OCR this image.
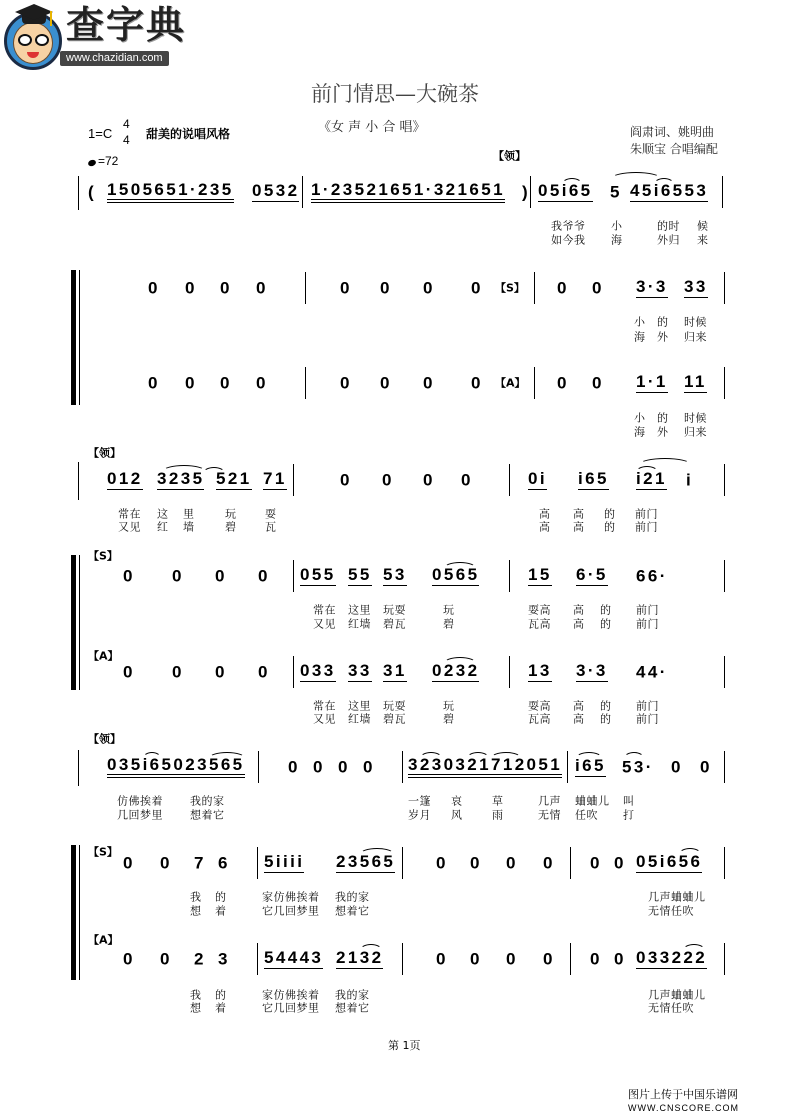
查字典
www.chazidian.com
前门情思—大碗茶
《女 声 小 合 唱》
1=C
4
4 甜美的说唱风格
=72
阎肃词、姚明曲
朱顺宝 合唱编配
( 1505651·235 0532 1·23521651·321651 ) 05i65 5 45i6553
我爷爷 小	的时 候
如今我 海	外归 来
0 0 0 0	0 0 0 0 【S】 0 0 3·3 33
小 的 时候
海 外 归来
0 0 0 0	0 0 0 0 【A】 0 0 1·1 11
小 的 时候
海 外 归来
012 3235 521 71	0 0 0 0	0i i65 i21 i
常在 这 里	玩	耍	高 高 的 前门
又见 红 墙	碧	瓦	高 高 的 前门
0 0 0 0 055 55 53 0565	15 6·5 66·
常在 这里 玩耍	玩	耍高 高 的 前门
又见 红墙 碧瓦	碧	瓦高 高 的 前门
0 0 0 0 033 33 31 0232	13 3·3 44·
常在 这里 玩耍	玩	耍高 高 的 前门
又见 红墙 碧瓦	碧	瓦高 高 的 前门
035i65023565	0 0 0 0 3230321712051 i65 53· 0 0
仿佛挨着 我的家	一篷 哀	草	几声 蛐蛐儿 叫
几回梦里 想着它	岁月 风	雨	无情 任吹 打
0 0 7 6 5iiii 23565 0 0 0 0 0 0 05i656
我 的	家仿佛挨着 我的家	几声蛐蛐儿
想 着	它几回梦里 想着它	无情任吹
0 0 2 3 54443 2132	0 0 0 0 0 0 033222
我 的	家仿佛挨着 我的家	几声蛐蛐儿
想 着	它几回梦里 想着它	无情任吹
【领】
【领】
【S】
【A】
【领】
【S】
【A】
第 1页
图片上传于中国乐谱网
WWW.CNSCORE.COM
